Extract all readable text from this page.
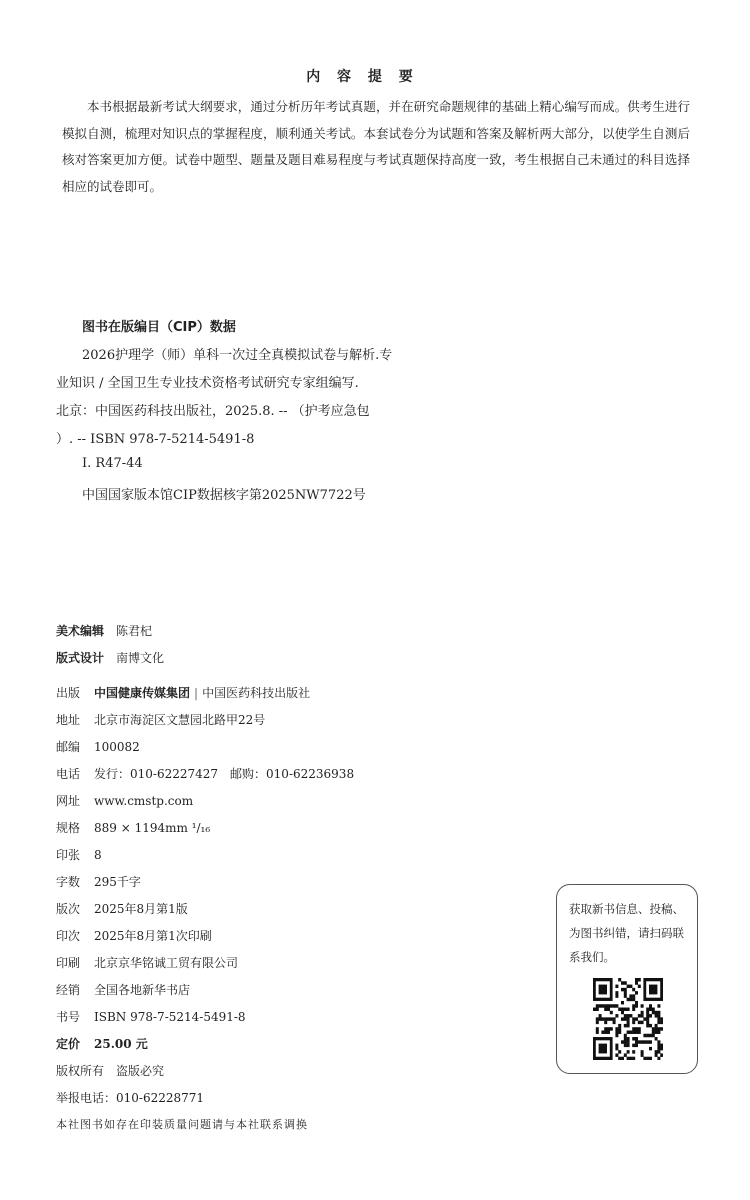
内 容 提 要

本书根据最新考试大纲要求，通过分析历年考试真题，并在研究命题规律的基础上精心编写而成。供考生进行模拟自测，梳理对知识点的掌握程度，顺利通关考试。本套试卷分为试题和答案及解析两大部分，以使学生自测后核对答案更加方便。试卷中题型、题量及题目难易程度与考试真题保持高度一致，考生根据自己未通过的科目选择相应的试卷即可。

图书在版编目（CIP）数据
2026护理学（师）单科一次过全真模拟试卷与解析.专
业知识 / 全国卫生专业技术资格考试研究专家组编写.
北京：中国医药科技出版社，2025.8. -- （护考应急包
）. -- ISBN 978-7-5214-5491-8
Ⅰ. R47-44
中国国家版本馆CIP数据核字第2025NW7722号
美术编辑 陈君杞
版式设计 南博文化
出版 中国健康传媒集团 | 中国医药科技出版社
地址 北京市海淀区文慧园北路甲22号
邮编 100082
电话 发行：010-62227427　邮购：010-62236938
网址 www.cmstp.com
规格 889 × 1194mm ¹/₁₆
印张 8
字数 295千字
版次 2025年8月第1版
印次 2025年8月第1次印刷
印刷 北京京华铭诚工贸有限公司
经销 全国各地新华书店
书号 ISBN 978-7-5214-5491-8
定价 25.00 元
版权所有 盗版必究
举报电话：010-62228771
本社图书如存在印装质量问题请与本社联系调换

获取新书信息、投稿、为图书纠错，请扫码联系我们。
